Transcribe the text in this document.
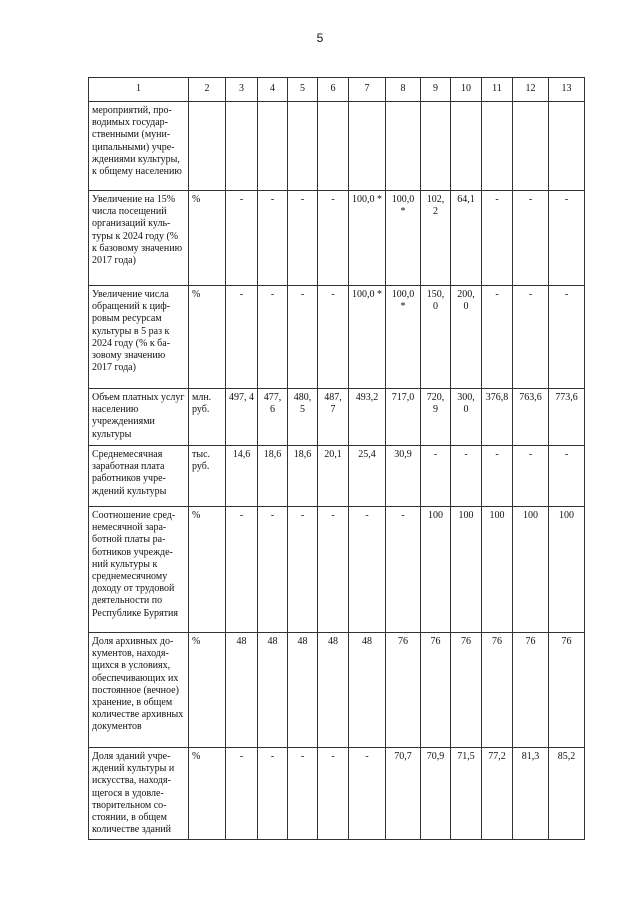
5
1	2	3	4	5	6	7	8	9	10	11	12	13
мероприятий, проводимых государственными (муниципальными) учреждениями культуры, к общему населению												
Увеличение на 15% числа посещений организаций культуры к 2024 году (% к базовому значению 2017 года)	%	-	-	-	-	100,0 *	100,0 *	102, 2	64,1	-	-	-
Увеличение числа обращений к цифровым ресурсам культуры в 5 раз к 2024 году (% к базовому значению 2017 года)	%	-	-	-	-	100,0 *	100,0 *	150, 0	200, 0	-	-	-
Объем платных услуг населению учреждениями культуры	млн. руб.	497, 4	477, 6	480, 5	487, 7	493,2	717,0	720, 9	300, 0	376,8	763,6	773,6
Среднемесячная заработная плата работников учреждений культуры	тыс. руб.	14,6	18,6	18,6	20,1	25,4	30,9	-	-	-	-	-
Соотношение среднемесячной заработной платы работников учреждений культуры к среднемесячному доходу от трудовой деятельности по Республике Бурятия	%	-	-	-	-	-	-	100	100	100	100	100
Доля архивных документов, находящихся в условиях, обеспечивающих их постоянное (вечное) хранение, в общем количестве архивных документов	%	48	48	48	48	48	76	76	76	76	76	76
Доля зданий учреждений культуры и искусства, находящегося в удовлетворительном состоянии, в общем количестве зданий	%	-	-	-	-	-	70,7	70,9	71,5	77,2	81,3	85,2
